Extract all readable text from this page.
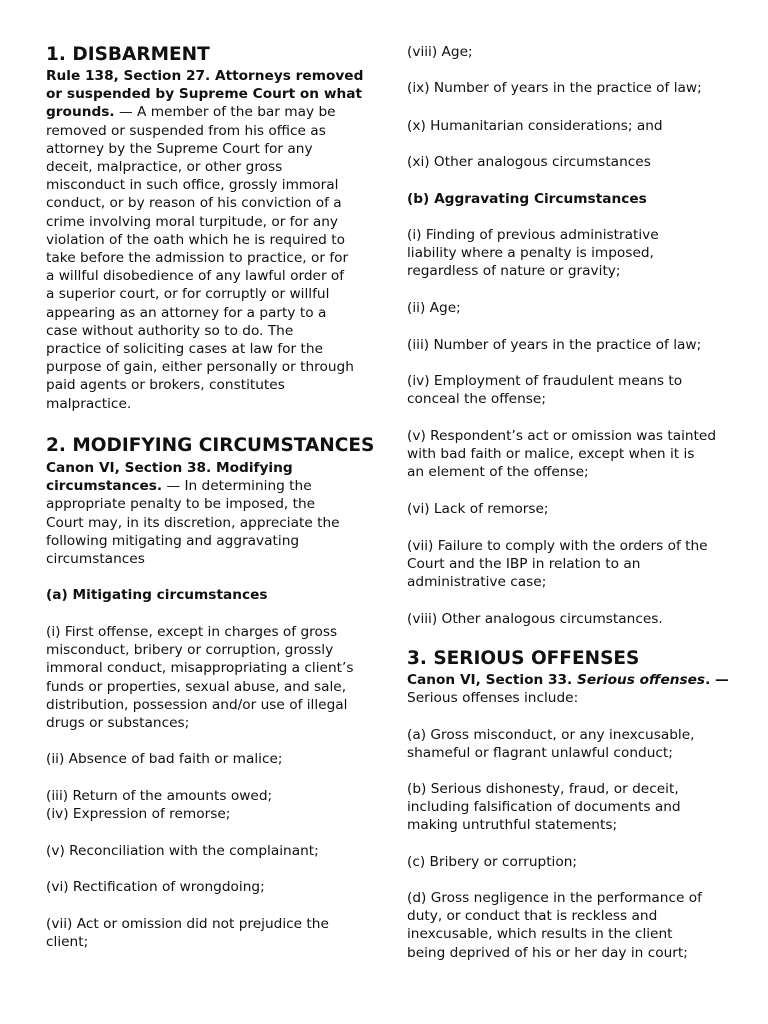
1. DISBARMENT
Rule 138, Section 27. Attorneys removed
or suspended by Supreme Court on what
grounds. — A member of the bar may be
removed or suspended from his office as
attorney by the Supreme Court for any
deceit, malpractice, or other gross
misconduct in such office, grossly immoral
conduct, or by reason of his conviction of a
crime involving moral turpitude, or for any
violation of the oath which he is required to
take before the admission to practice, or for
a willful disobedience of any lawful order of
a superior court, or for corruptly or willful
appearing as an attorney for a party to a
case without authority so to do. The
practice of soliciting cases at law for the
purpose of gain, either personally or through
paid agents or brokers, constitutes
malpractice.
2. MODIFYING CIRCUMSTANCES
Canon VI, Section 38. Modifying
circumstances. — In determining the
appropriate penalty to be imposed, the
Court may, in its discretion, appreciate the
following mitigating and aggravating
circumstances
(a) Mitigating circumstances
(i) First offense, except in charges of gross
misconduct, bribery or corruption, grossly
immoral conduct, misappropriating a client’s
funds or properties, sexual abuse, and sale,
distribution, possession and/or use of illegal
drugs or substances;
(ii) Absence of bad faith or malice;
(iii) Return of the amounts owed;
(iv) Expression of remorse;
(v) Reconciliation with the complainant;
(vi) Rectification of wrongdoing;
(vii) Act or omission did not prejudice the
client;
(viii) Age;
(ix) Number of years in the practice of law;
(x) Humanitarian considerations; and
(xi) Other analogous circumstances
(b) Aggravating Circumstances
(i) Finding of previous administrative
liability where a penalty is imposed,
regardless of nature or gravity;
(ii) Age;
(iii) Number of years in the practice of law;
(iv) Employment of fraudulent means to
conceal the offense;
(v) Respondent’s act or omission was tainted
with bad faith or malice, except when it is
an element of the offense;
(vi) Lack of remorse;
(vii) Failure to comply with the orders of the
Court and the IBP in relation to an
administrative case;
(viii) Other analogous circumstances.
3. SERIOUS OFFENSES
Canon VI, Section 33. Serious offenses. —
Serious offenses include:
(a) Gross misconduct, or any inexcusable,
shameful or flagrant unlawful conduct;
(b) Serious dishonesty, fraud, or deceit,
including falsification of documents and
making untruthful statements;
(c) Bribery or corruption;
(d) Gross negligence in the performance of
duty, or conduct that is reckless and
inexcusable, which results in the client
being deprived of his or her day in court;
